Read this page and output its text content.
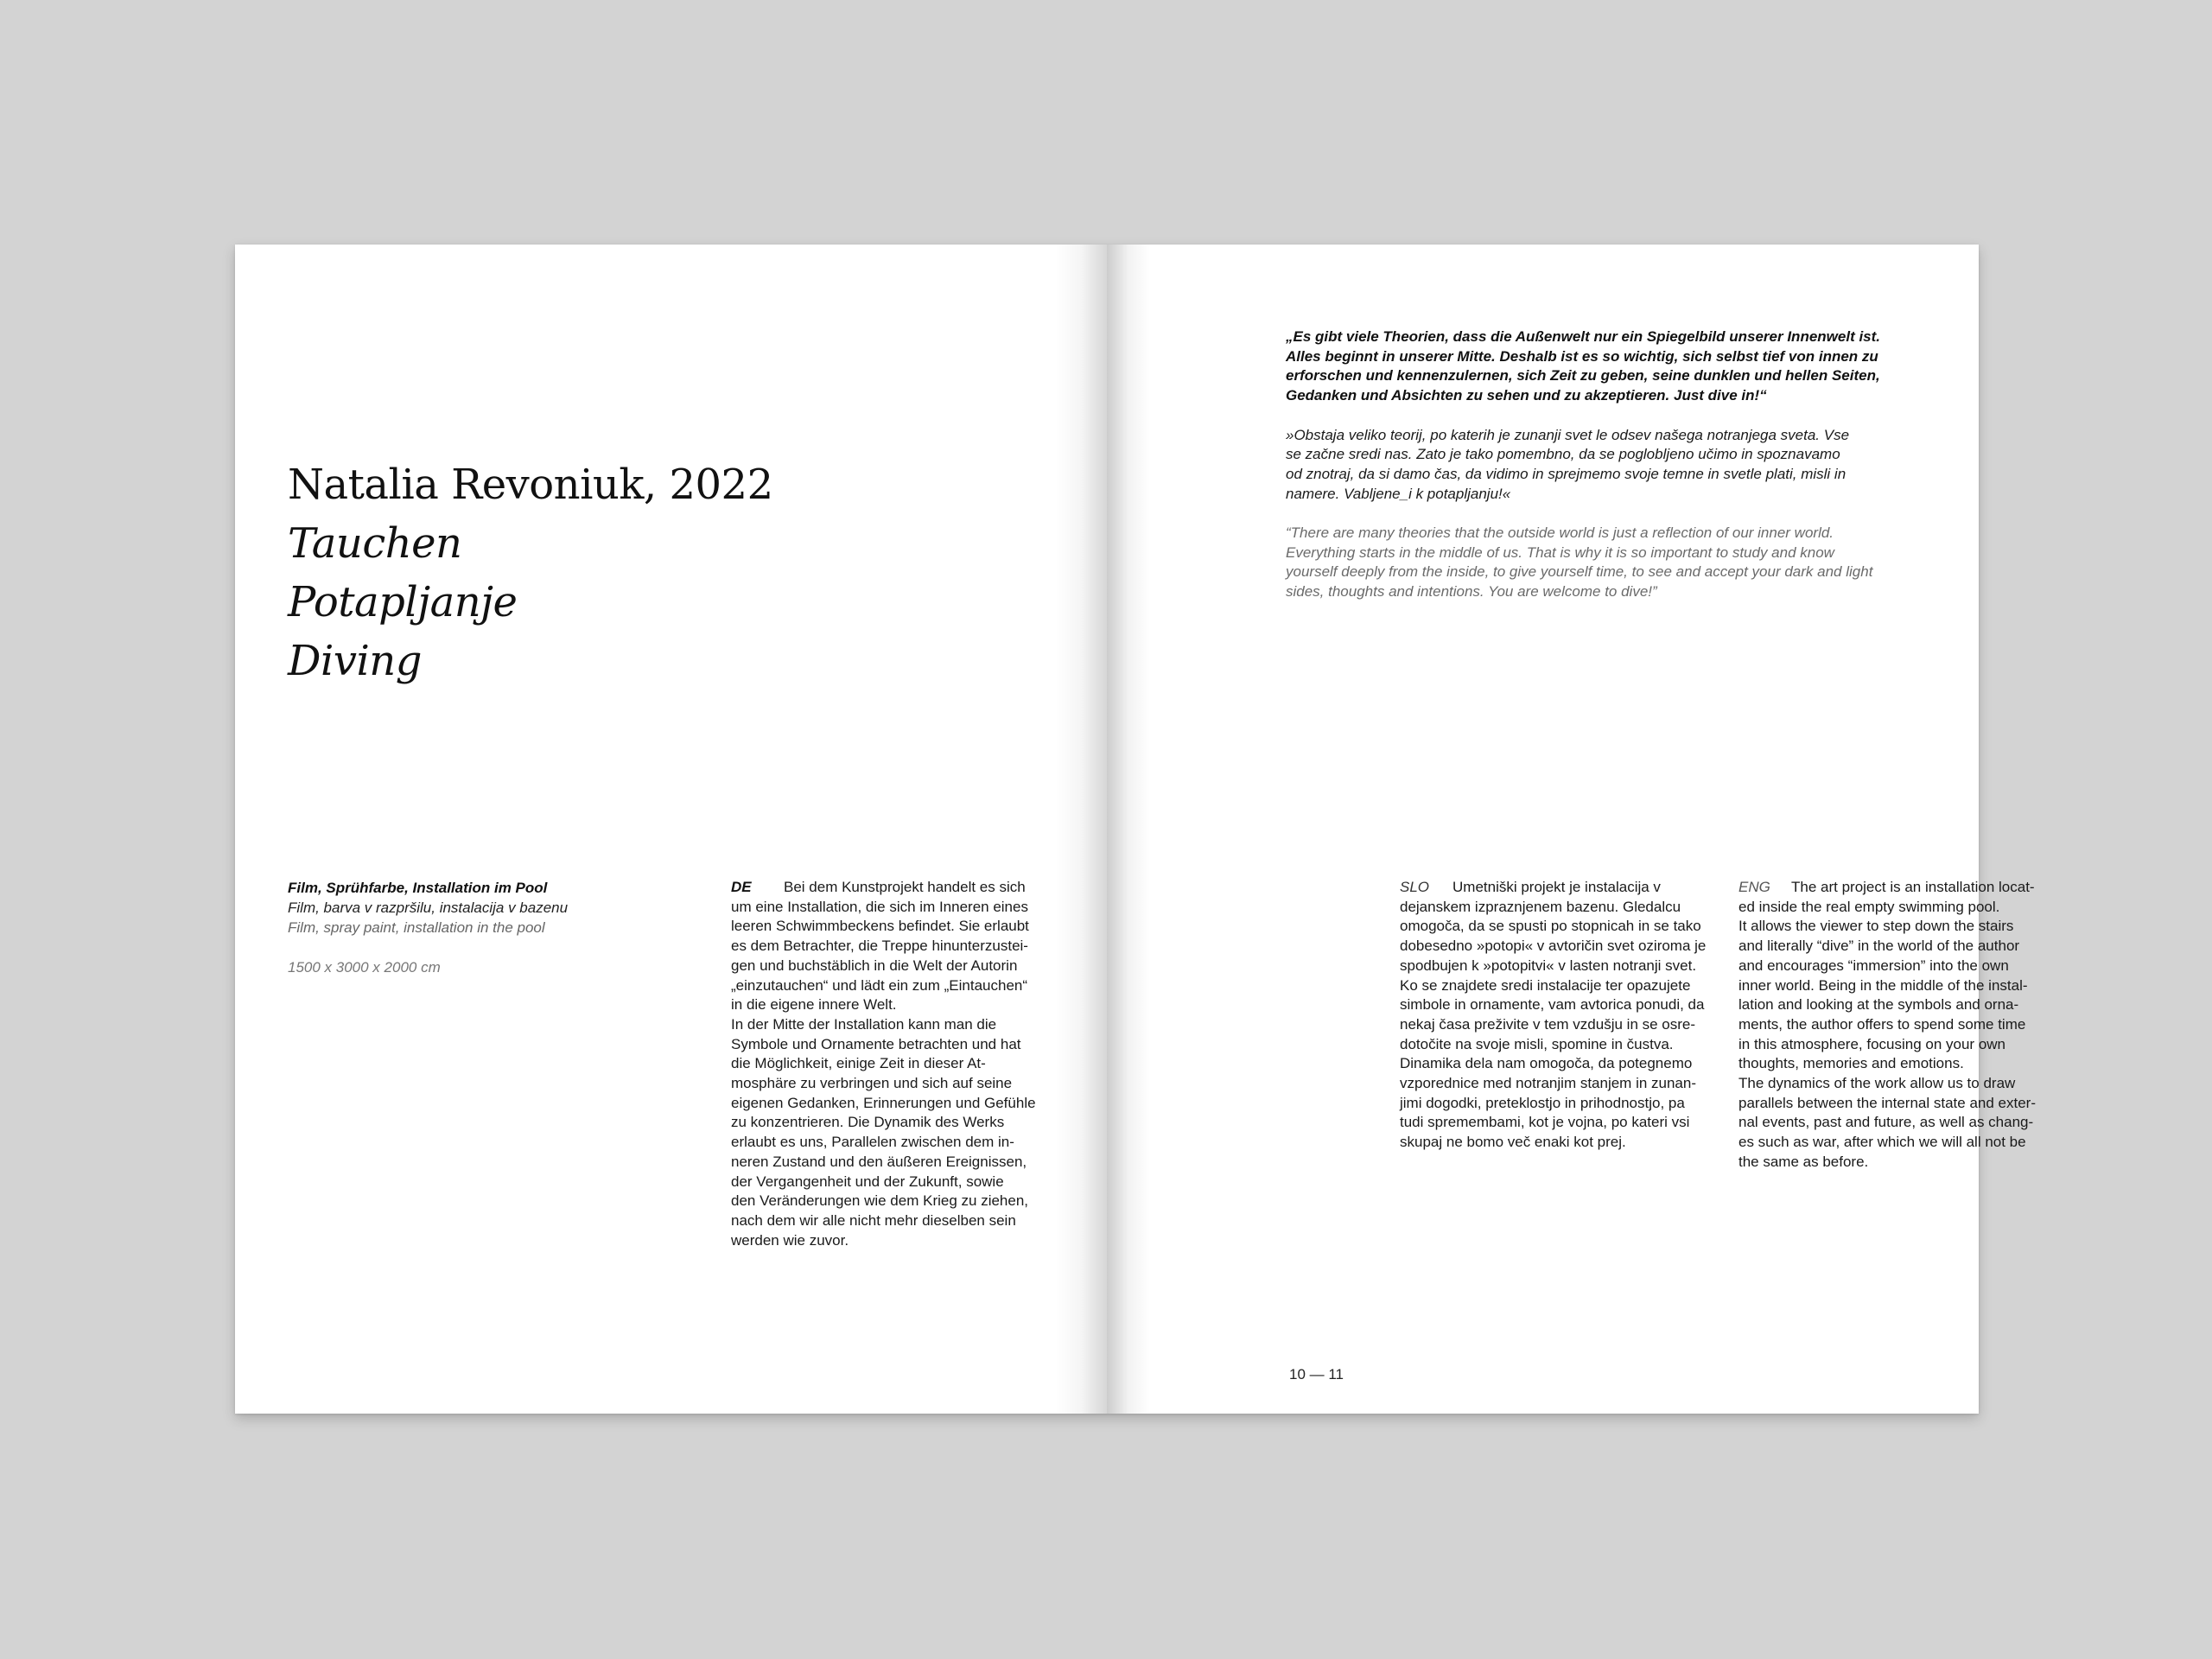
Natalia Revoniuk, 2022
Tauchen
Potapljanje
Diving
Film, Sprühfarbe, Installation im Pool
Film, barva v razpršilu, instalacija v bazenu
Film, spray paint, installation in the pool
1500 x 3000 x 2000 cm

DE Bei dem Kunstprojekt handelt es sich

um eine Installation, die sich im Inneren eines

leeren Schwimmbeckens befindet. Sie erlaubt

es dem Betrachter, die Treppe hinunterzustei-

gen und buchstäblich in die Welt der Autorin

„einzutauchen“ und lädt ein zum „Eintauchen“

in die eigene innere Welt.

In der Mitte der Installation kann man die

Symbole und Ornamente betrachten und hat

die Möglichkeit, einige Zeit in dieser At-

mosphäre zu verbringen und sich auf seine

eigenen Gedanken, Erinnerungen und Gefühle

zu konzentrieren. Die Dynamik des Werks

erlaubt es uns, Parallelen zwischen dem in-

neren Zustand und den äußeren Ereignissen,

der Vergangenheit und der Zukunft, sowie

den Veränderungen wie dem Krieg zu ziehen,

nach dem wir alle nicht mehr dieselben sein

werden wie zuvor.

„Es gibt viele Theorien, dass die Außenwelt nur ein Spiegelbild unserer Innenwelt ist.

Alles beginnt in unserer Mitte. Deshalb ist es so wichtig, sich selbst tief von innen zu

erforschen und kennenzulernen, sich Zeit zu geben, seine dunklen und hellen Seiten,

Gedanken und Absichten zu sehen und zu akzeptieren. Just dive in!“

»Obstaja veliko teorij, po katerih je zunanji svet le odsev našega notranjega sveta. Vse

se začne sredi nas. Zato je tako pomembno, da se poglobljeno učimo in spoznavamo

od znotraj, da si damo čas, da vidimo in sprejmemo svoje temne in svetle plati, misli in

namere. Vabljene_i k potapljanju!«

“There are many theories that the outside world is just a reflection of our inner world.

Everything starts in the middle of us. That is why it is so important to study and know

yourself deeply from the inside, to give yourself time, to see and accept your dark and light

sides, thoughts and intentions. You are welcome to dive!”

SLO Umetniški projekt je instalacija v

dejanskem izpraznjenem bazenu. Gledalcu

omogoča, da se spusti po stopnicah in se tako

dobesedno »potopi« v avtoričin svet oziroma je

spodbujen k »potopitvi« v lasten notranji svet.

Ko se znajdete sredi instalacije ter opazujete

simbole in ornamente, vam avtorica ponudi, da

nekaj časa preživite v tem vzdušju in se osre-

dotočite na svoje misli, spomine in čustva.

Dinamika dela nam omogoča, da potegnemo

vzporednice med notranjim stanjem in zunan-

jimi dogodki, preteklostjo in prihodnostjo, pa

tudi spremembami, kot je vojna, po kateri vsi

skupaj ne bomo več enaki kot prej.

ENG The art project is an installation locat-

ed inside the real empty swimming pool.

It allows the viewer to step down the stairs

and literally “dive” in the world of the author

and encourages “immersion” into the own

inner world. Being in the middle of the instal-

lation and looking at the symbols and orna-

ments, the author offers to spend some time

in this atmosphere, focusing on your own

thoughts, memories and emotions.

The dynamics of the work allow us to draw

parallels between the internal state and exter-

nal events, past and future, as well as chang-

es such as war, after which we will all not be

the same as before.

10 — 11
